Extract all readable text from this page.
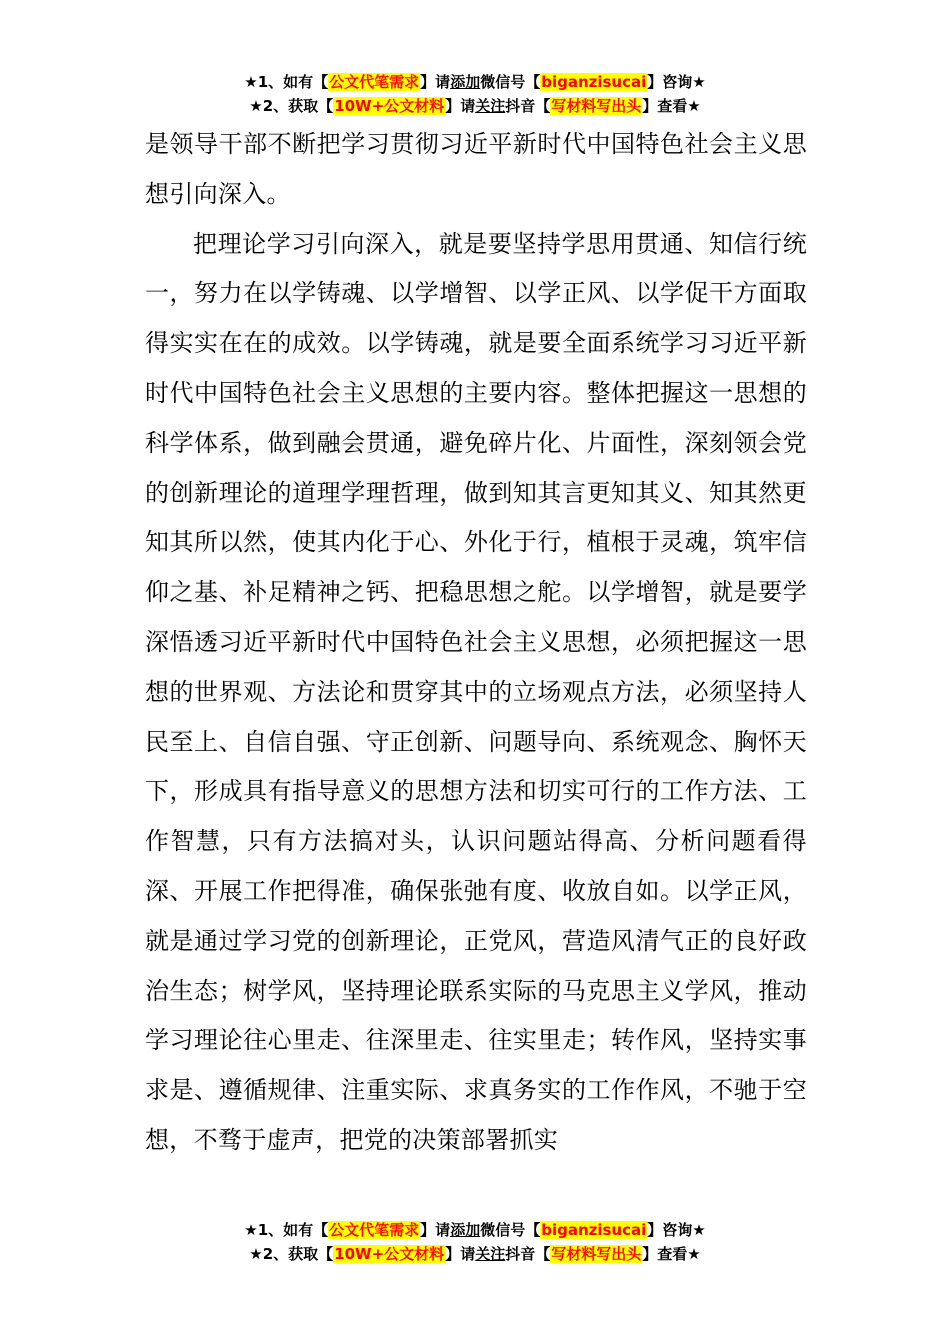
★1、如有【公文代笔需求】请添加微信号【biganzisucai】咨询★
★2、获取【10W+公文材料】请关注抖音【写材料写出头】查看★

是领导干部不断把学习贯彻习近平新时代中国特色社会主义思想引向深入。

把理论学习引向深入，就是要坚持学思用贯通、知信行统一，努力在以学铸魂、以学增智、以学正风、以学促干方面取得实实在在的成效。以学铸魂，就是要全面系统学习习近平新时代中国特色社会主义思想的主要内容。整体把握这一思想的科学体系，做到融会贯通，避免碎片化、片面性，深刻领会党的创新理论的道理学理哲理，做到知其言更知其义、知其然更知其所以然，使其内化于心、外化于行，植根于灵魂，筑牢信仰之基、补足精神之钙、把稳思想之舵。以学增智，就是要学深悟透习近平新时代中国特色社会主义思想，必须把握这一思想的世界观、方法论和贯穿其中的立场观点方法，必须坚持人民至上、自信自强、守正创新、问题导向、系统观念、胸怀天下，形成具有指导意义的思想方法和切实可行的工作方法、工作智慧，只有方法搞对头，认识问题站得高、分析问题看得深、开展工作把得准，确保张弛有度、收放自如。以学正风，就是通过学习党的创新理论，正党风，营造风清气正的良好政治生态；树学风，坚持理论联系实际的马克思主义学风，推动学习理论往心里走、往深里走、往实里走；转作风，坚持实事求是、遵循规律、注重实际、求真务实的工作作风，不驰于空想，不骛于虚声，把党的决策部署抓实

★1、如有【公文代笔需求】请添加微信号【biganzisucai】咨询★
★2、获取【10W+公文材料】请关注抖音【写材料写出头】查看★
